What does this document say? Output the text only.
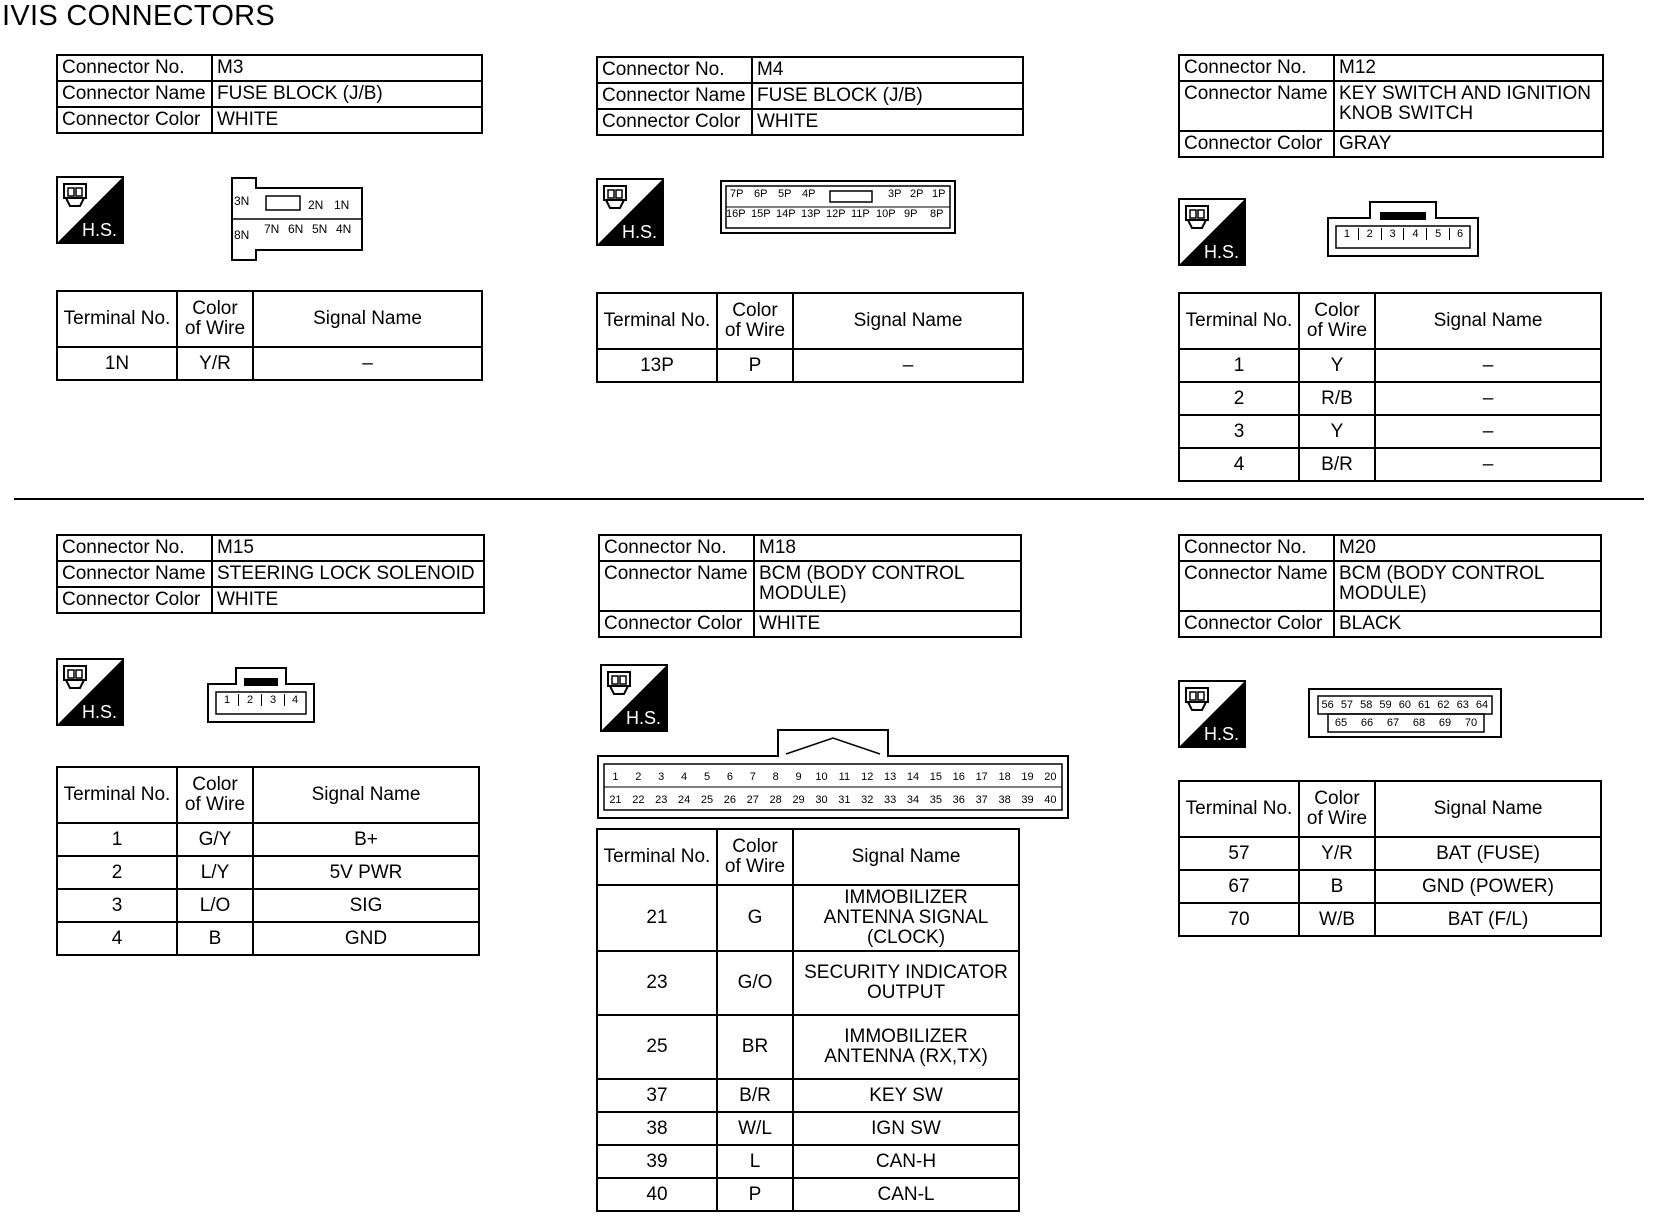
IVIS CONNECTORS
Connector No.	M3
Connector Name	FUSE BLOCK (J/B)
Connector Color	WHITE
H.S.
3N	2N 1N
8N 7N 6N 5N 4N
Terminal No.	Color of Wire	Signal Name
1N	Y/R	–
Connector No.	M4
Connector Name	FUSE BLOCK (J/B)
Connector Color	WHITE
H.S.
7P 6P 5P 4P	3P 2P 1P
16P 15P 14P 13P 12P 11P 10P 9P 8P
Terminal No.	Color of Wire	Signal Name
13P	P	–
Connector No.	M12
Connector Name	KEY SWITCH AND IGNITION KNOB SWITCH
Connector Color	GRAY
H.S.
1	2	3	4	5	6
Terminal No.	Color of Wire	Signal Name
1	Y	–
2	R/B	–
3	Y	–
4	B/R	–
Connector No.	M15
Connector Name	STEERING LOCK SOLENOID
Connector Color	WHITE
H.S.
1	2	3	4
Terminal No.	Color of Wire	Signal Name
1	G/Y	B+
2	L/Y	5V PWR
3	L/O	SIG
4	B	GND
Connector No.	M18
Connector Name	BCM (BODY CONTROL MODULE)
Connector Color	WHITE
H.S.
1	2	3	4	5	6	7	8	9	10	11	12 13 14 15 16 17 18 19 20
21 22 23 24 25 26 27 28 29 30 31 32 33 34 35 36 37 38 39 40
Terminal No.	Color of Wire	Signal Name
21	G	IMMOBILIZER ANTENNA SIGNAL (CLOCK)
23	G/O	SECURITY INDICATOR OUTPUT
25	BR	IMMOBILIZER ANTENNA (RX,TX)
37	B/R	KEY SW
38	W/L	IGN SW
39	L	CAN-H
40	P	CAN-L
Connector No.	M20
Connector Name	BCM (BODY CONTROL MODULE)
Connector Color	BLACK
H.S.
56 57 58 59 60 61 62 63 64
65	66	67	68	69	70
Terminal No.	Color of Wire	Signal Name
57	Y/R	BAT (FUSE)
67	B	GND (POWER)
70	W/B	BAT (F/L)
